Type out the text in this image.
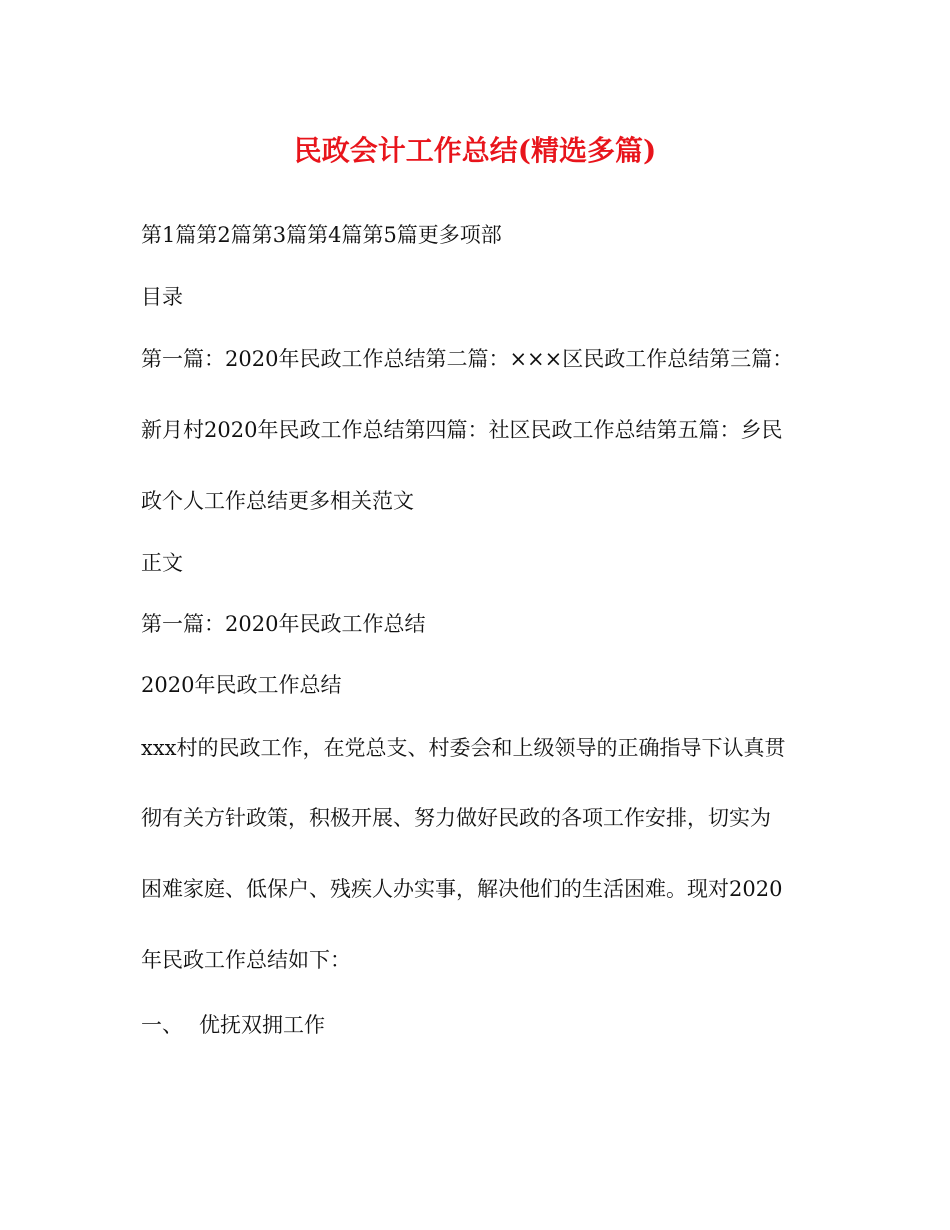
民政会计工作总结(精选多篇)
第1篇第2篇第3篇第4篇第5篇更多项部
目录
第一篇：2020年民政工作总结第二篇：×××区民政工作总结第三篇：
新月村2020年民政工作总结第四篇：社区民政工作总结第五篇：乡民
政个人工作总结更多相关范文
正文
第一篇：2020年民政工作总结
2020年民政工作总结
xxx村的民政工作，在党总支、村委会和上级领导的正确指导下认真贯
彻有关方针政策，积极开展、努力做好民政的各项工作安排，切实为
困难家庭、低保户、残疾人办实事，解决他们的生活困难。现对2020
年民政工作总结如下：
一、 优抚双拥工作
